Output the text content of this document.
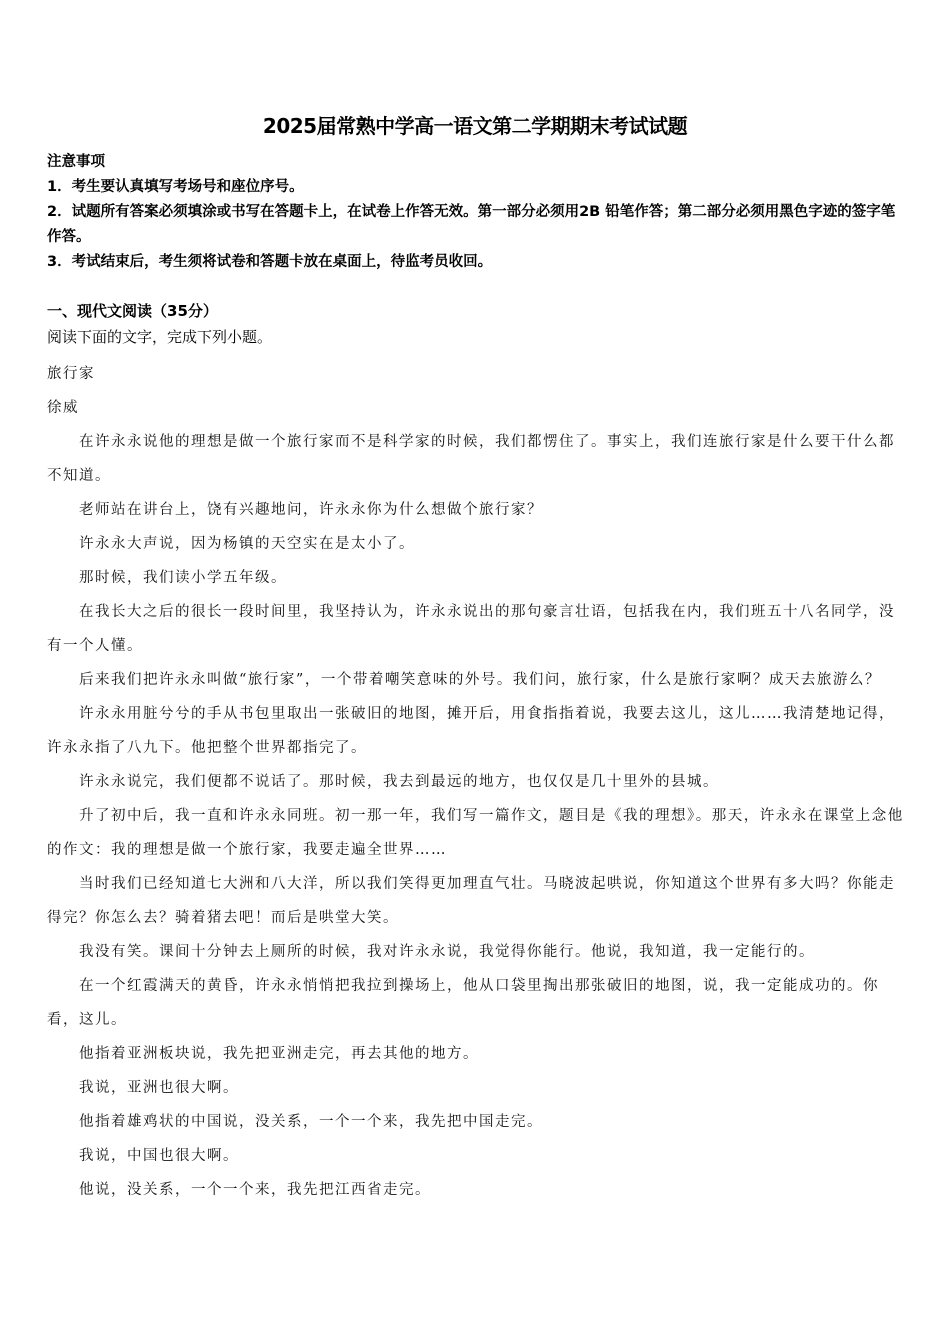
2025届常熟中学高一语文第二学期期末考试试题

注意事项

1．考生要认真填写考场号和座位序号。

2．试题所有答案必须填涂或书写在答题卡上，在试卷上作答无效。第一部分必须用2B 铅笔作答；第二部分必须用黑色字迹的签字笔作答。

3．考试结束后，考生须将试卷和答题卡放在桌面上，待监考员收回。

一、现代文阅读（35分）
阅读下面的文字，完成下列小题。

旅行家

徐威

在许永永说他的理想是做一个旅行家而不是科学家的时候，我们都愣住了。事实上，我们连旅行家是什么要干什么都不知道。

老师站在讲台上，饶有兴趣地问，许永永你为什么想做个旅行家？

许永永大声说，因为杨镇的天空实在是太小了。

那时候，我们读小学五年级。

在我长大之后的很长一段时间里，我坚持认为，许永永说出的那句豪言壮语，包括我在内，我们班五十八名同学，没有一个人懂。

后来我们把许永永叫做“旅行家”，一个带着嘲笑意味的外号。我们问，旅行家，什么是旅行家啊？成天去旅游么？

许永永用脏兮兮的手从书包里取出一张破旧的地图，摊开后，用食指指着说，我要去这儿，这儿……我清楚地记得，许永永指了八九下。他把整个世界都指完了。

许永永说完，我们便都不说话了。那时候，我去到最远的地方，也仅仅是几十里外的县城。

升了初中后，我一直和许永永同班。初一那一年，我们写一篇作文，题目是《我的理想》。那天，许永永在课堂上念他的作文：我的理想是做一个旅行家，我要走遍全世界……

当时我们已经知道七大洲和八大洋，所以我们笑得更加理直气壮。马晓波起哄说，你知道这个世界有多大吗？你能走得完？你怎么去？骑着猪去吧！而后是哄堂大笑。

我没有笑。课间十分钟去上厕所的时候，我对许永永说，我觉得你能行。他说，我知道，我一定能行的。

在一个红霞满天的黄昏，许永永悄悄把我拉到操场上，他从口袋里掏出那张破旧的地图，说，我一定能成功的。你看，这儿。

他指着亚洲板块说，我先把亚洲走完，再去其他的地方。

我说，亚洲也很大啊。

他指着雄鸡状的中国说，没关系，一个一个来，我先把中国走完。

我说，中国也很大啊。

他说，没关系，一个一个来，我先把江西省走完。
